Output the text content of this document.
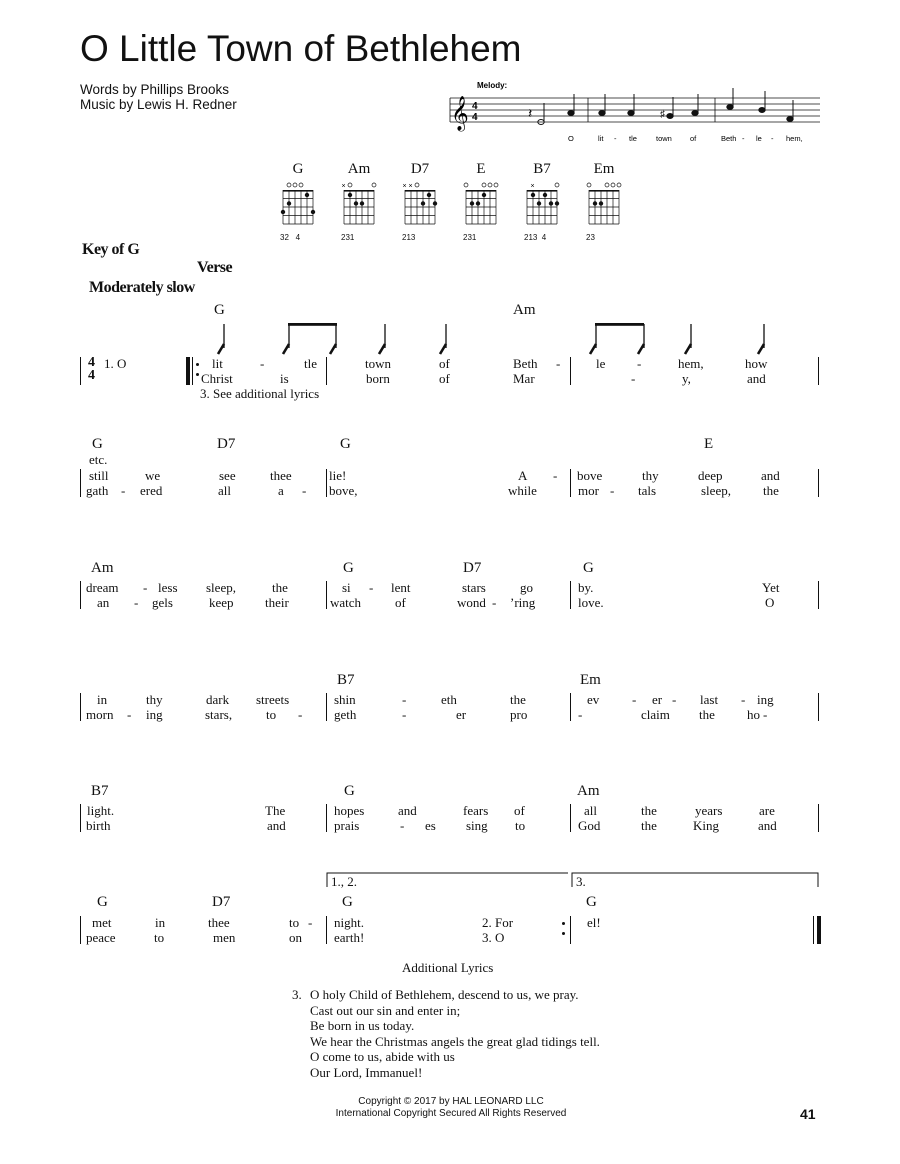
O Little Town of Bethlehem
Words by Phillips Brooks
Music by Lewis H. Redner
Melody:
𝄞 4
4	𝄽	♯
O	lit - tle	town of	Beth - le - hem,
G
32   4
Am
×
231
D7
× ×
213
E
231
B7
×
213  4
Em
23
Key of G
Verse
Moderately slow
G	Am
1. O	lit	-	tle	town	of	Beth -	le -	hem,	how
Christ	is	born	of	Mar	-	y,	and
G	D7	G	E
still	we	see	thee	lie!	A - bove	thy	deep	and
gath - ered	all	a - bove,	while	mor - tals	sleep, the
Am	G	D7	G
dream - less sleep,	the	si - lent	stars	go	by.	Yet
an - gels	keep their	watch	of	wond - ’ring	love.	O
B7	Em
in	thy	dark streets	shin	-	eth	the	ev	- er - last - ing
morn - ing	stars,	to - geth	-	er	pro	-	claim the ho -
B7	G	Am
light.	The	hopes	and	fears of	all	the	years	are
birth	and	prais	- es sing to	God	the	King	and
G	D7	G	G
met	in	thee	to - night.	2. For	el!
peace	to	men	on earth!	3. O
3. See additional lyrics
4
4
etc.
1., 2.	3.
Additional Lyrics
3. O holy Child of Bethlehem, descend to us, we pray.
Cast out our sin and enter in;
Be born in us today.
We hear the Christmas angels the great glad tidings tell.
O come to us, abide with us
Our Lord, Immanuel!
Copyright © 2017 by HAL LEONARD LLC
International Copyright Secured All Rights Reserved	41
